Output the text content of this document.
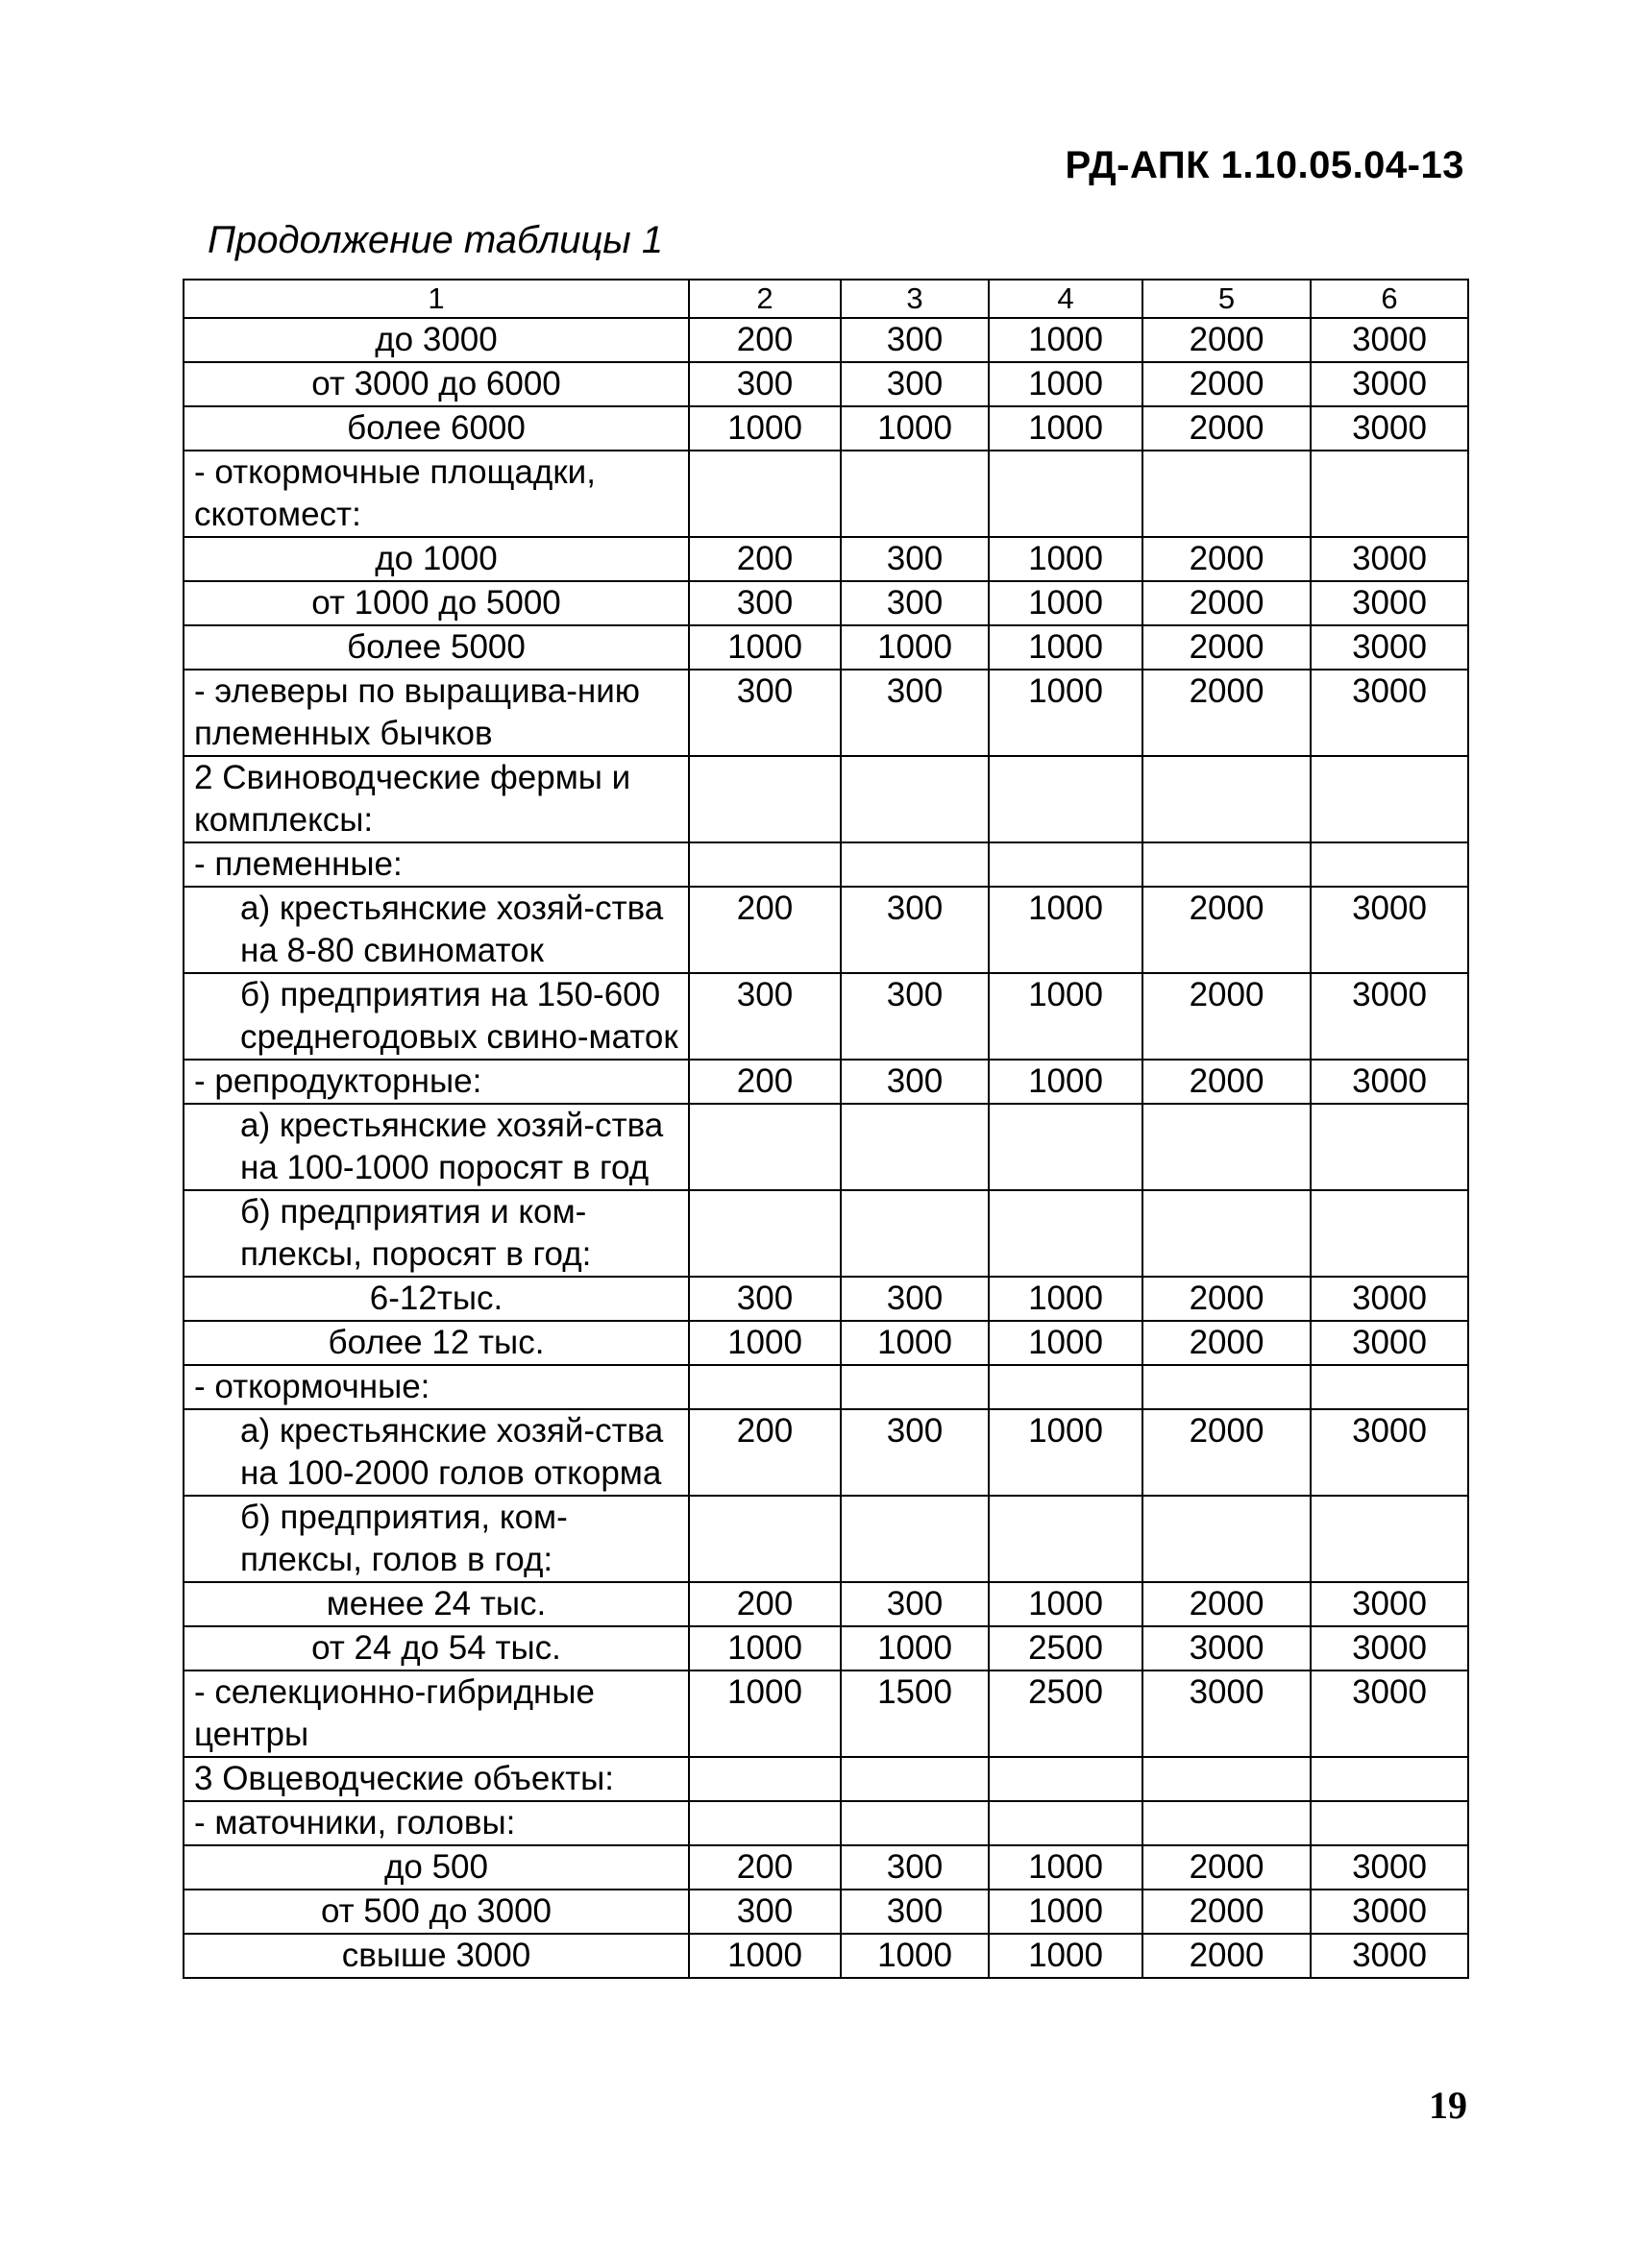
РД-АПК 1.10.05.04-13
Продолжение таблицы 1
1	2	3	4	5	6
до 3000	200	300	1000	2000	3000
от 3000 до 6000	300	300	1000	2000	3000
более 6000	1000	1000	1000	2000	3000
- откормочные площадки, скотомест:					
до 1000	200	300	1000	2000	3000
от 1000 до 5000	300	300	1000	2000	3000
более 5000	1000	1000	1000	2000	3000
- элеверы по выращива-нию племенных бычков	300	300	1000	2000	3000
2 Свиноводческие фермы и комплексы:					
- племенные:					
а) крестьянские хозяй-ства на 8-80 свиноматок	200	300	1000	2000	3000
б) предприятия на 150-600 среднегодовых свино-маток	300	300	1000	2000	3000
- репродукторные:	200	300	1000	2000	3000
а) крестьянские хозяй-ства на 100-1000 поросят в год					
б) предприятия и ком-плексы, поросят в год:					
6-12тыс.	300	300	1000	2000	3000
более 12 тыс.	1000	1000	1000	2000	3000
- откормочные:					
а) крестьянские хозяй-ства на 100-2000 голов откорма	200	300	1000	2000	3000
б) предприятия, ком-плексы, голов в год:					
менее 24 тыс.	200	300	1000	2000	3000
от 24 до 54 тыс.	1000	1000	2500	3000	3000
- селекционно-гибридные центры	1000	1500	2500	3000	3000
3 Овцеводческие объекты:					
- маточники, головы:					
до 500	200	300	1000	2000	3000
от 500 до 3000	300	300	1000	2000	3000
свыше 3000	1000	1000	1000	2000	3000
19
